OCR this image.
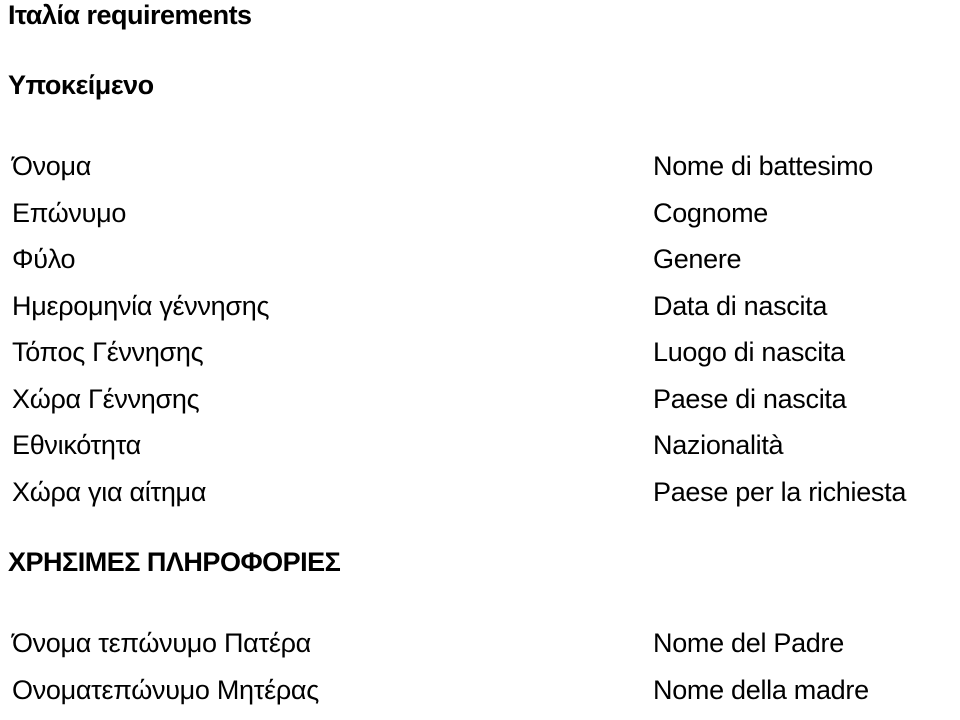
Ιταλία requirements
Υποκείμενο
Όνομα	Nome di battesimo
Επώνυμο	Cognome
Φύλο	Genere
Ημερομηνία γέννησης	Data di nascita
Τόπος Γέννησης	Luogo di nascita
Χώρα Γέννησης	Paese di nascita
Εθνικότητα	Nazionalità
Χώρα για αίτημα	Paese per la richiesta
ΧΡΗΣΙΜΕΣ ΠΛΗΡΟΦΟΡΙΕΣ
Όνομα τεπώνυμο Πατέρα	Nome del Padre
Ονοματεπώνυμο Μητέρας	Nome della madre
